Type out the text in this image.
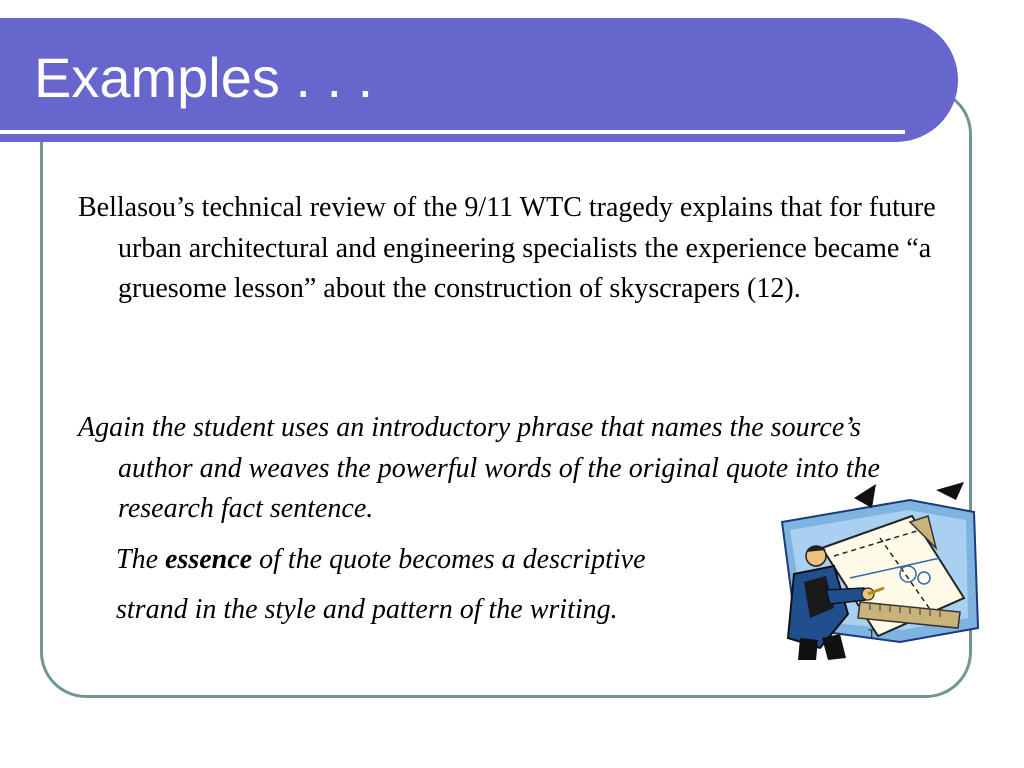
Examples . . .

Bellasou’s technical review of the 9/11 WTC tragedy explains that for future urban architectural and engineering specialists the experience became “a gruesome lesson” about the construction of skyscrapers (12).

Again the student uses an introductory phrase that names the source’s author and weaves the powerful words of the original quote into the research fact sentence.

The essence of the quote becomes a descriptive

strand in the style and pattern of the writing.

T
